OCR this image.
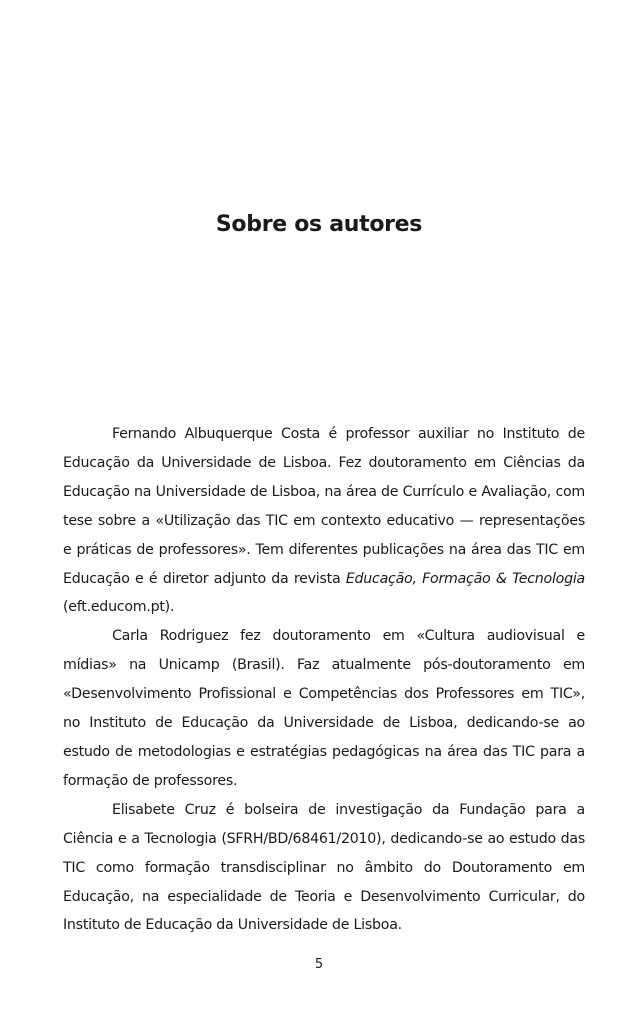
Sobre os autores

Fernando Albuquerque Costa é professor auxiliar no Instituto de Educação da Universidade de Lisboa. Fez doutoramento em Ciências da Educação na Universidade de Lisboa, na área de Currículo e Avaliação, com tese sobre a «Utilização das TIC em contexto educativo — representações e práticas de professores». Tem diferentes publicações na área das TIC em Educação e é diretor adjunto da revista Educação, Formação & Tecnologia (eft.educom.pt).

Carla Rodriguez fez doutoramento em «Cultura audiovisual e mídias» na Unicamp (Brasil). Faz atualmente pós-doutoramento em «Desenvolvimento Profissional e Competências dos Professores em TIC», no Instituto de Educação da Universidade de Lisboa, dedicando-se ao estudo de metodologias e estratégias pedagógicas na área das TIC para a formação de professores.

Elisabete Cruz é bolseira de investigação da Fundação para a Ciência e a Tecnologia (SFRH/BD/68461/2010), dedicando-se ao estudo das TIC como formação transdisciplinar no âmbito do Doutoramento em Educação, na especialidade de Teoria e Desenvolvimento Curricular, do Instituto de Educação da Universidade de Lisboa.

5
